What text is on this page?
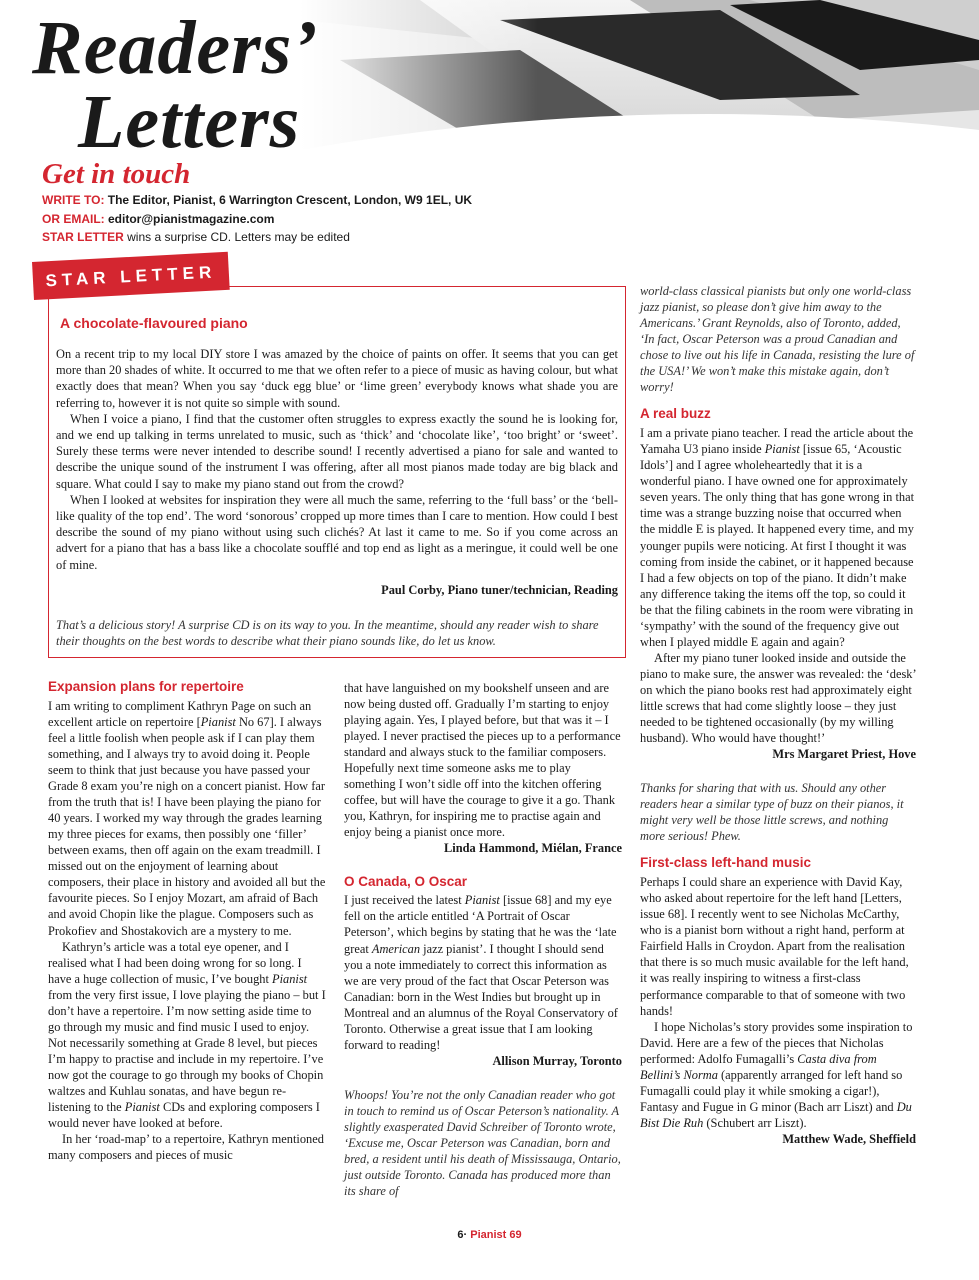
Readers’
Letters
Get in touch
WRITE TO: The Editor, Pianist, 6 Warrington Crescent, London, W9 1EL, UK
OR EMAIL: editor@pianistmagazine.com
STAR LETTER wins a surprise CD. Letters may be edited
STAR LETTER
A chocolate-flavoured piano

On a recent trip to my local DIY store I was amazed by the choice of paints on offer. It seems that you can get more than 20 shades of white. It occurred to me that we often refer to a piece of music as having colour, but what exactly does that mean? When you say ‘duck egg blue’ or ‘lime green’ everybody knows what shade you are referring to, however it is not quite so simple with sound.

When I voice a piano, I find that the customer often struggles to express exactly the sound he is looking for, and we end up talking in terms unrelated to music, such as ‘thick’ and ‘chocolate like’, ‘too bright’ or ‘sweet’. Surely these terms were never intended to describe sound! I recently advertised a piano for sale and wanted to describe the unique sound of the instrument I was offering, after all most pianos made today are big black and square. What could I say to make my piano stand out from the crowd?

When I looked at websites for inspiration they were all much the same, referring to the ‘full bass’ or the ‘bell-like quality of the top end’. The word ‘sonorous’ cropped up more times than I care to mention. How could I best describe the sound of my piano without using such clichés? At last it came to me. So if you come across an advert for a piano that has a bass like a chocolate soufflé and top end as light as a meringue, it could well be one of mine.

Paul Corby, Piano tuner/technician, Reading
That’s a delicious story! A surprise CD is on its way to you. In the meantime, should any reader wish to share their thoughts on the best words to describe what their piano sounds like, do let us know.
Expansion plans for repertoire

I am writing to compliment Kathryn Page on such an excellent article on repertoire [Pianist No 67]. I always feel a little foolish when people ask if I can play them something, and I always try to avoid doing it. People seem to think that just because you have passed your Grade 8 exam you’re nigh on a concert pianist. How far from the truth that is! I have been playing the piano for 40 years. I worked my way through the grades learning my three pieces for exams, then possibly one ‘filler’ between exams, then off again on the exam treadmill. I missed out on the enjoyment of learning about composers, their place in history and avoided all but the favourite pieces. So I enjoy Mozart, am afraid of Bach and avoid Chopin like the plague. Composers such as Prokofiev and Shostakovich are a mystery to me.

Kathryn’s article was a total eye opener, and I realised what I had been doing wrong for so long. I have a huge collection of music, I’ve bought Pianist from the very first issue, I love playing the piano – but I don’t have a repertoire. I’m now setting aside time to go through my music and find music I used to enjoy. Not necessarily something at Grade 8 level, but pieces I’m happy to practise and include in my repertoire. I’ve now got the courage to go through my books of Chopin waltzes and Kuhlau sonatas, and have begun re-listening to the Pianist CDs and exploring composers I would never have looked at before.

In her ‘road-map’ to a repertoire, Kathryn mentioned many composers and pieces of music

that have languished on my bookshelf unseen and are now being dusted off. Gradually I’m starting to enjoy playing again. Yes, I played before, but that was it – I played. I never practised the pieces up to a performance standard and always stuck to the familiar composers. Hopefully next time someone asks me to play something I won’t sidle off into the kitchen offering coffee, but will have the courage to give it a go. Thank you, Kathryn, for inspiring me to practise again and enjoy being a pianist once more.

Linda Hammond, Miélan, France

O Canada, O Oscar

I just received the latest Pianist [issue 68] and my eye fell on the article entitled ‘A Portrait of Oscar Peterson’, which begins by stating that he was the ‘late great American jazz pianist’. I thought I should send you a note immediately to correct this information as we are very proud of the fact that Oscar Peterson was Canadian: born in the West Indies but brought up in Montreal and an alumnus of the Royal Conservatory of Toronto. Otherwise a great issue that I am looking forward to reading!

Allison Murray, Toronto

Whoops! You’re not the only Canadian reader who got in touch to remind us of Oscar Peterson’s nationality. A slightly exasperated David Schreiber of Toronto wrote, ‘Excuse me, Oscar Peterson was Canadian, born and bred, a resident until his death of Mississauga, Ontario, just outside Toronto. Canada has produced more than its share of

world-class classical pianists but only one world-class jazz pianist, so please don’t give him away to the Americans.’ Grant Reynolds, also of Toronto, added, ‘In fact, Oscar Peterson was a proud Canadian and chose to live out his life in Canada, resisting the lure of the USA!’ We won’t make this mistake again, don’t worry!

A real buzz

I am a private piano teacher. I read the article about the Yamaha U3 piano inside Pianist [issue 65, ‘Acoustic Idols’] and I agree wholeheartedly that it is a wonderful piano. I have owned one for approximately seven years. The only thing that has gone wrong in that time was a strange buzzing noise that occurred when the middle E is played. It happened every time, and my younger pupils were noticing. At first I thought it was coming from inside the cabinet, or it happened because I had a few objects on top of the piano. It didn’t make any difference taking the items off the top, so could it be that the filing cabinets in the room were vibrating in ‘sympathy’ with the sound of the frequency give out when I played middle E again and again?

After my piano tuner looked inside and outside the piano to make sure, the answer was revealed: the ‘desk’ on which the piano books rest had approximately eight little screws that had come slightly loose – they just needed to be tightened occasionally (by my willing husband). Who would have thought!’

Mrs Margaret Priest, Hove

Thanks for sharing that with us. Should any other readers hear a similar type of buzz on their pianos, it might very well be those little screws, and nothing more serious! Phew.

First-class left-hand music

Perhaps I could share an experience with David Kay, who asked about repertoire for the left hand [Letters, issue 68]. I recently went to see Nicholas McCarthy, who is a pianist born without a right hand, perform at Fairfield Halls in Croydon. Apart from the realisation that there is so much music available for the left hand, it was really inspiring to witness a first-class performance comparable to that of someone with two hands!

I hope Nicholas’s story provides some inspiration to David. Here are a few of the pieces that Nicholas performed: Adolfo Fumagalli’s Casta diva from Bellini’s Norma (apparently arranged for left hand so Fumagalli could play it while smoking a cigar!), Fantasy and Fugue in G minor (Bach arr Liszt) and Du Bist Die Ruh (Schubert arr Liszt).

Matthew Wade, Sheffield

6· Pianist 69
